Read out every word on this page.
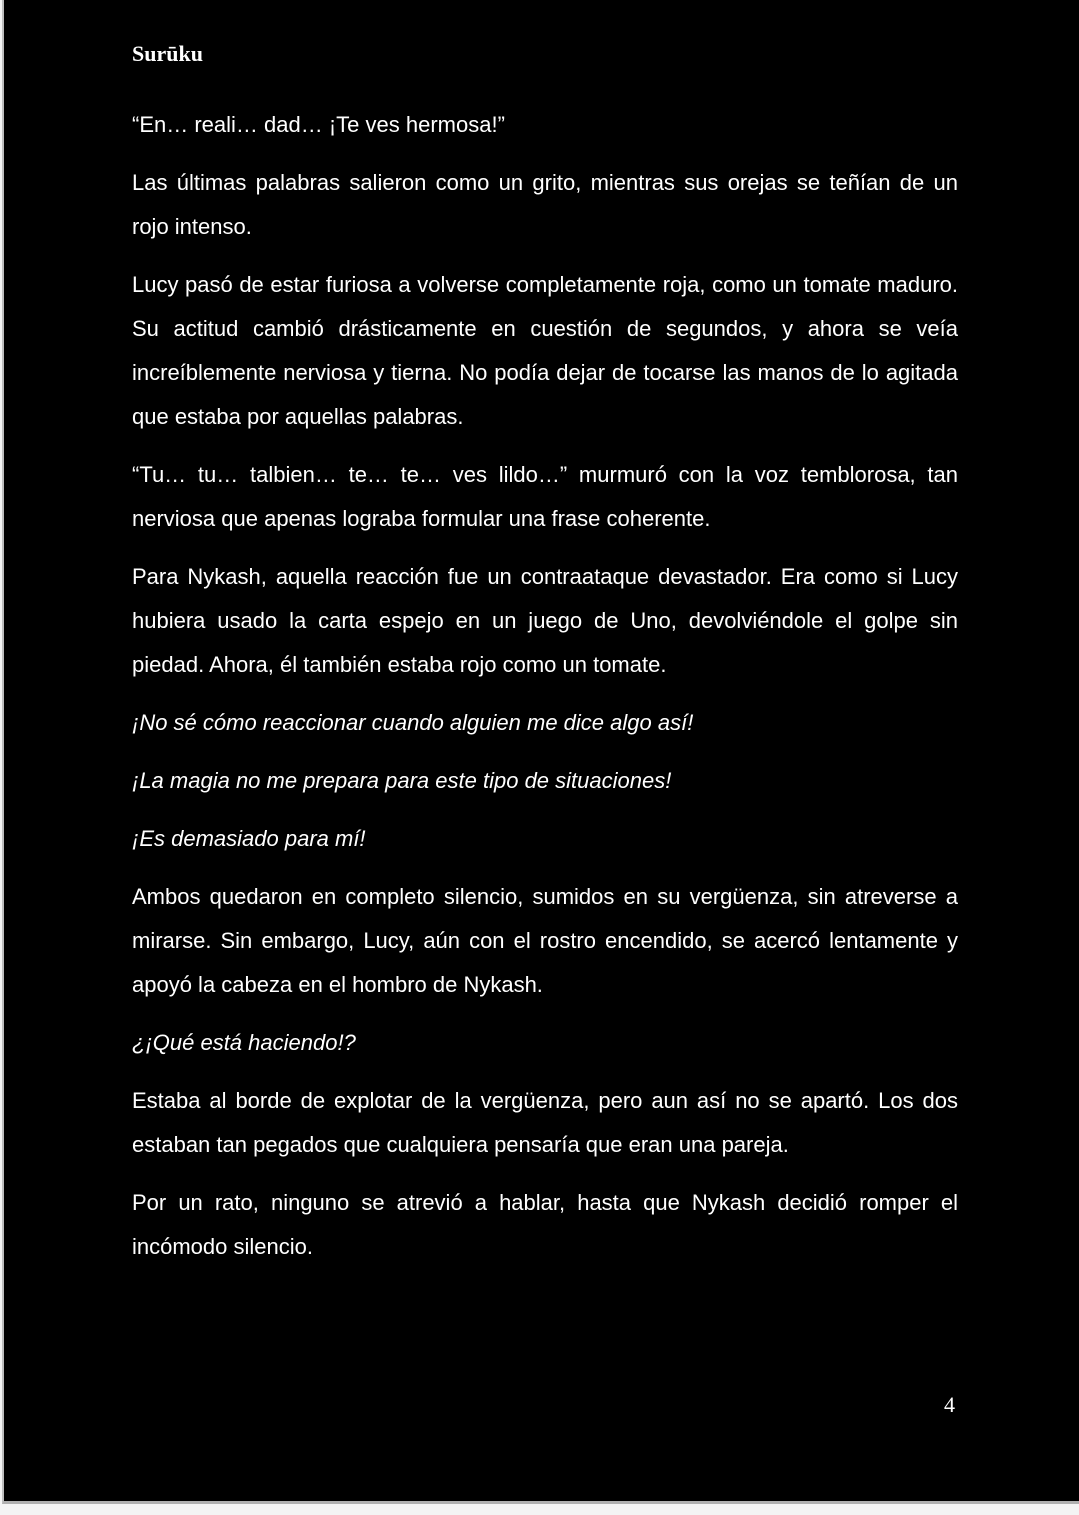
Surūku

“En… reali… dad… ¡Te ves hermosa!”

Las últimas palabras salieron como un grito, mientras sus orejas se teñían de un rojo intenso.

Lucy pasó de estar furiosa a volverse completamente roja, como un tomate maduro. Su actitud cambió drásticamente en cuestión de segundos, y ahora se veía increíblemente nerviosa y tierna. No podía dejar de tocarse las manos de lo agitada que estaba por aquellas palabras.

“Tu… tu… talbien… te… te… ves lildo…” murmuró con la voz temblorosa, tan nerviosa que apenas lograba formular una frase coherente.

Para Nykash, aquella reacción fue un contraataque devastador. Era como si Lucy hubiera usado la carta espejo en un juego de Uno, devolviéndole el golpe sin piedad. Ahora, él también estaba rojo como un tomate.

¡No sé cómo reaccionar cuando alguien me dice algo así!

¡La magia no me prepara para este tipo de situaciones!

¡Es demasiado para mí!

Ambos quedaron en completo silencio, sumidos en su vergüenza, sin atreverse a mirarse. Sin embargo, Lucy, aún con el rostro encendido, se acercó lentamente y apoyó la cabeza en el hombro de Nykash.

¿¡Qué está haciendo!?

Estaba al borde de explotar de la vergüenza, pero aun así no se apartó. Los dos estaban tan pegados que cualquiera pensaría que eran una pareja.

Por un rato, ninguno se atrevió a hablar, hasta que Nykash decidió romper el incómodo silencio.

4
